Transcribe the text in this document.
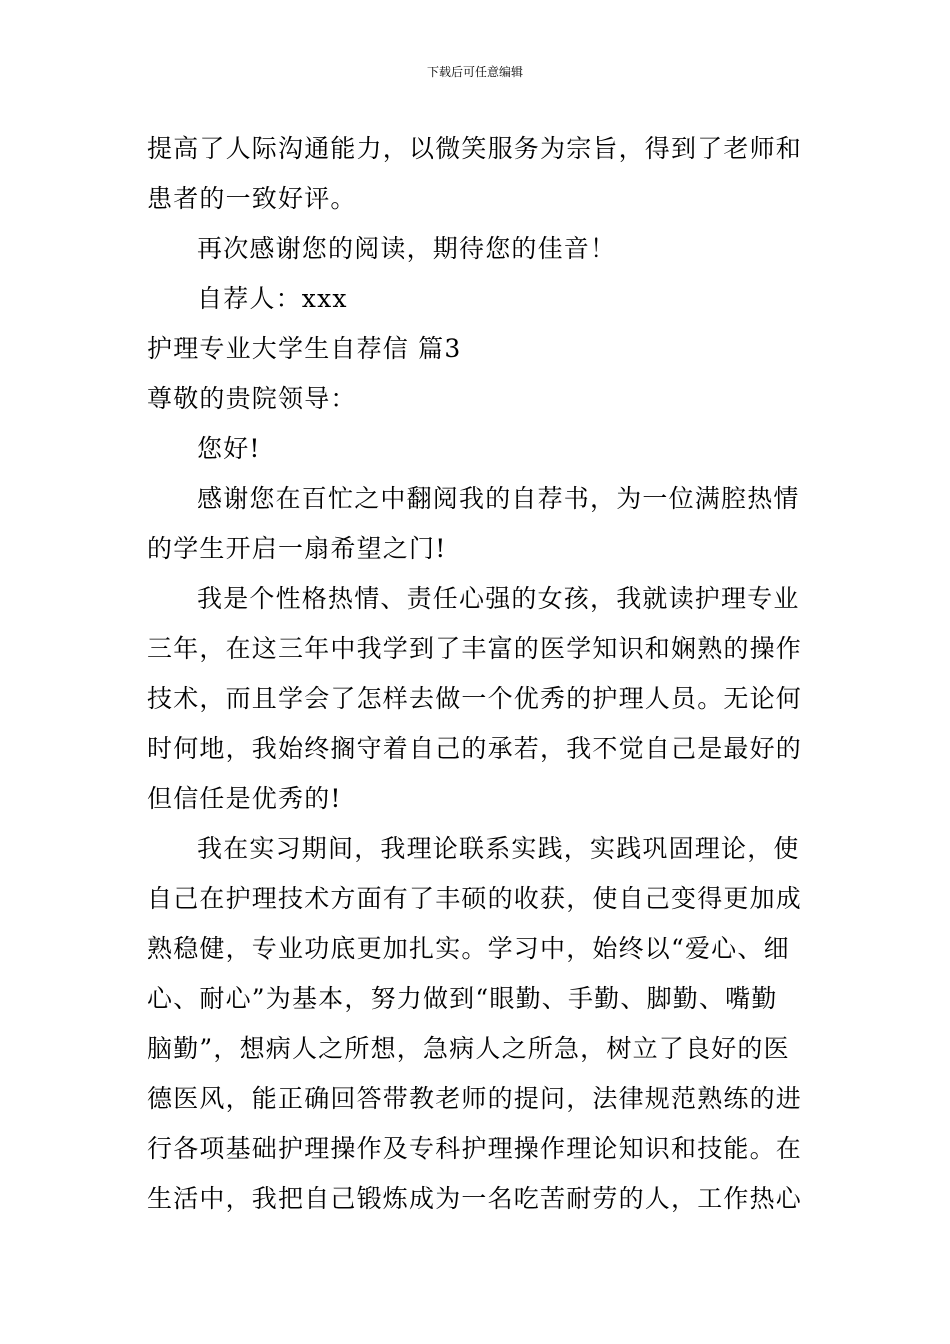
下载后可任意编辑
提高了人际沟通能力，以微笑服务为宗旨，得到了老师和
患者的一致好评。
再次感谢您的阅读，期待您的佳音！
自荐人：xxx
护理专业大学生自荐信 篇3
尊敬的贵院领导：
您好!
感谢您在百忙之中翻阅我的自荐书，为一位满腔热情
的学生开启一扇希望之门!
我是个性格热情、责任心强的女孩，我就读护理专业
三年，在这三年中我学到了丰富的医学知识和娴熟的操作
技术，而且学会了怎样去做一个优秀的护理人员。无论何
时何地，我始终搁守着自己的承若，我不觉自己是最好的
但信任是优秀的!
我在实习期间，我理论联系实践，实践巩固理论，使
自己在护理技术方面有了丰硕的收获，使自己变得更加成
熟稳健，专业功底更加扎实。学习中，始终以“爱心、细
心、耐心”为基本，努力做到“眼勤、手勤、脚勤、嘴勤
脑勤”，想病人之所想，急病人之所急，树立了良好的医
德医风，能正确回答带教老师的提问，法律规范熟练的进
行各项基础护理操作及专科护理操作理论知识和技能。在
生活中，我把自己锻炼成为一名吃苦耐劳的人，工作热心
